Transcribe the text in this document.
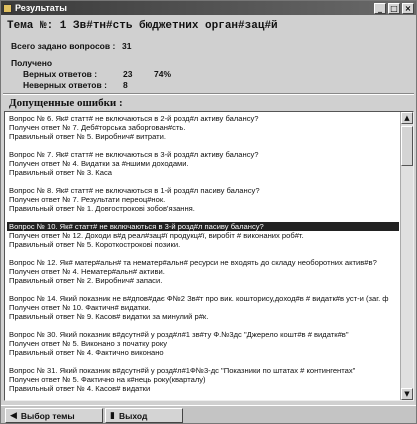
Результаты	_	□ ×
Тема №: 1 Зв#тн#сть бюджетних орган#зац#й
Всего задано вопросов : 31
Получено
Верных ответов :	23	74%
Неверных ответов : 8
Допущенные ошибки :
Вопрос № 6. Як# статт# не включаються в 2-й розд#л активу балансу?
Получен ответ № 7. Деб#торська заборгован#сть.
Правильный ответ № 5. Виробнич# витрати.
Вопрос № 7. Як# статт# не включаються в 3-й розд#л активу балансу?
Получен ответ № 4. Видатки за #ншими доходами.
Правильный ответ № 3. Каса
Вопрос № 8. Як# статт# не включаються в 1-й розд#л пасиву балансу?
Получен ответ № 7. Результати переоц#нок.
Правильный ответ № 1. Довгострокові зобов'язання.
Вопрос № 10. Як# статт# не включаються в 3-й розд#л пасиву балансу?
Получен ответ № 12. Доходи в#д реал#зац#ї продукц#ї, виробіт # виконаних роб#т.
Правильный ответ № 5. Короткострокові позики.
Вопрос № 12. Як# матер#альн# та нематер#альн# ресурси не входять до складу необоротних актив#в?
Получен ответ № 4. Нематер#альн# активи.
Правильный ответ № 2. Виробнич# запаси.
Вопрос № 14. Який показник не в#дпов#дає Ф№2 Зв#т про вик. кошторису,доход#в # видатк#в уст-и (заг. ф
Получен ответ № 10. Фактичн# видатки.
Правильный ответ № 9. Касов# видатки за минулий р#к.
Вопрос № 30. Який показник в#дсутн#й у розд#л#1 зв#ту Ф.№3дс "Джерело кошт#в # видатк#в"
Получен ответ № 5. Виконано з початку року
Правильный ответ № 4. Фактично виконано
Вопрос № 31. Який показник в#дсутн#й у розд#л#1Ф№3-дс "Показники по штатах # контингентах"
Получен ответ № 5. Фактично на к#нець року(кварталу)
Правильный ответ № 4. Касов# видатки
▲
▼
◀ Выбор темы	▮ Выход
